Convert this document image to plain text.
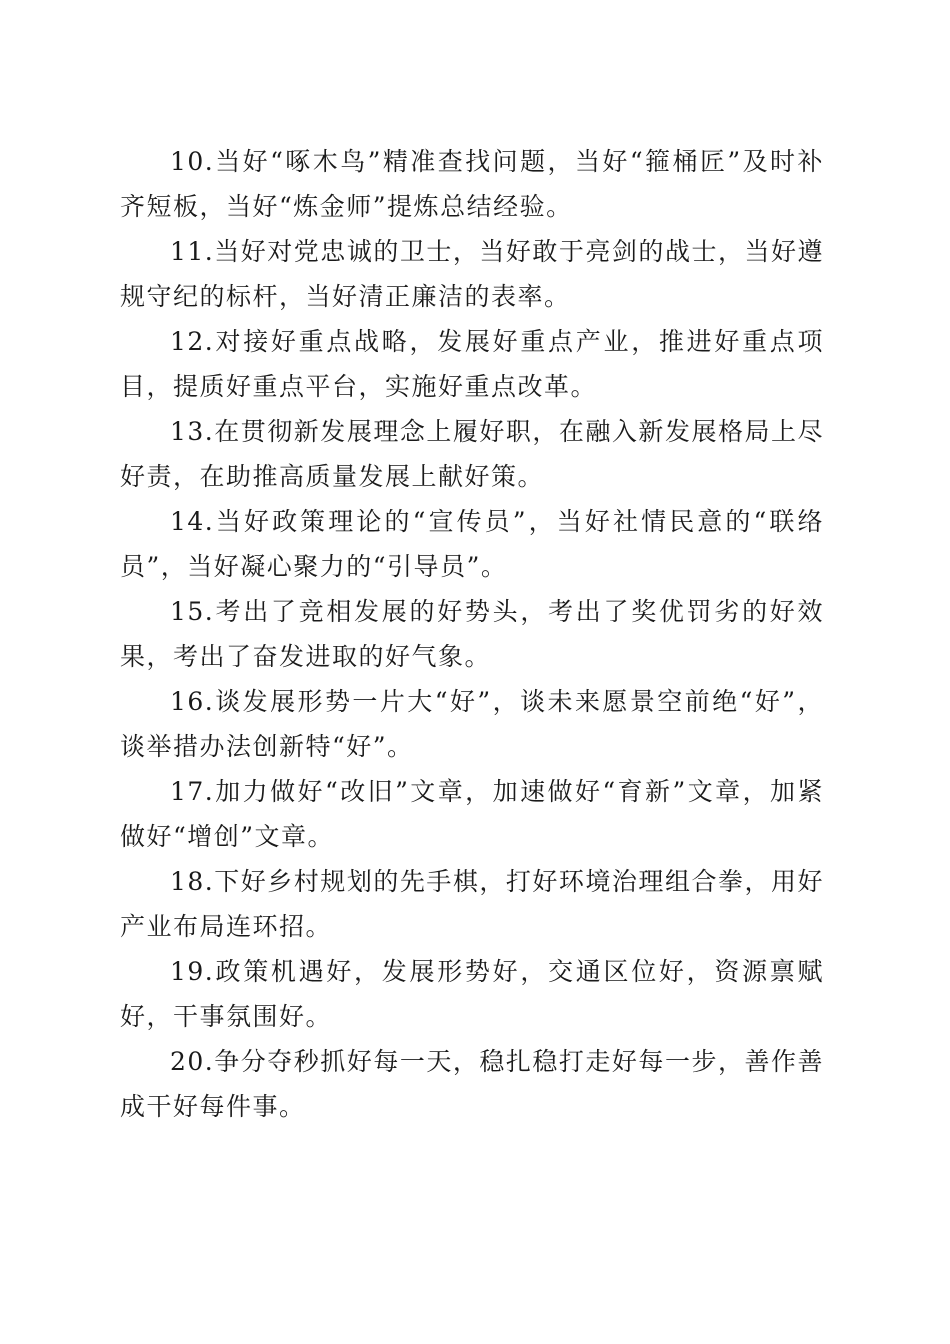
10.当好“啄木鸟”精准查找问题，当好“箍桶匠”及时补齐短板，当好“炼金师”提炼总结经验。

11.当好对党忠诚的卫士，当好敢于亮剑的战士，当好遵规守纪的标杆，当好清正廉洁的表率。

12.对接好重点战略，发展好重点产业，推进好重点项目，提质好重点平台，实施好重点改革。

13.在贯彻新发展理念上履好职，在融入新发展格局上尽好责，在助推高质量发展上献好策。

14.当好政策理论的“宣传员”，当好社情民意的“联络员”，当好凝心聚力的“引导员”。

15.考出了竞相发展的好势头，考出了奖优罚劣的好效果，考出了奋发进取的好气象。

16.谈发展形势一片大“好”，谈未来愿景空前绝“好”，谈举措办法创新特“好”。

17.加力做好“改旧”文章，加速做好“育新”文章，加紧做好“增创”文章。

18.下好乡村规划的先手棋，打好环境治理组合拳，用好产业布局连环招。

19.政策机遇好，发展形势好，交通区位好，资源禀赋好，干事氛围好。

20.争分夺秒抓好每一天，稳扎稳打走好每一步，善作善成干好每件事。
